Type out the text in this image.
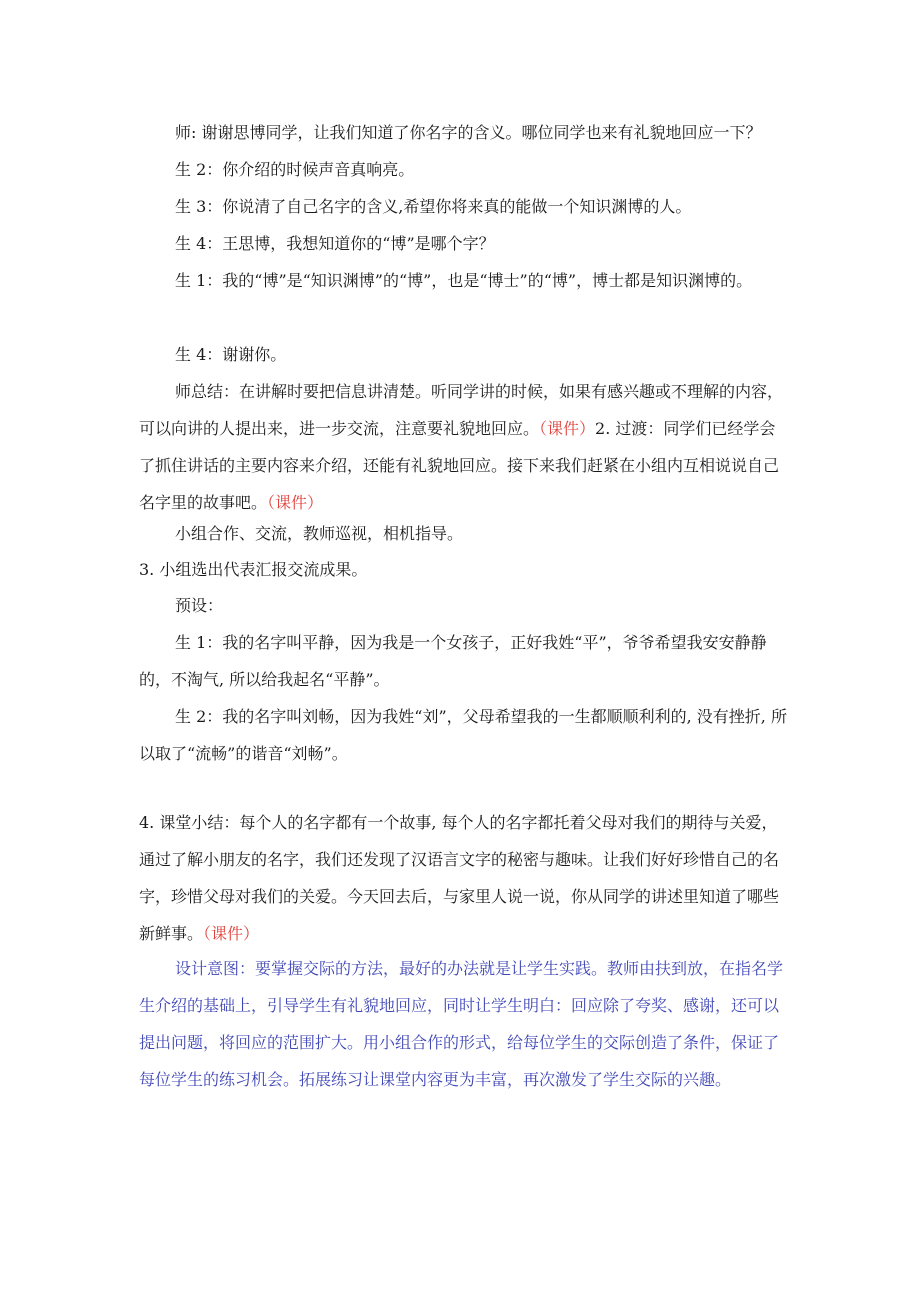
师: 谢谢思博同学，让我们知道了你名字的含义。哪位同学也来有礼貌地回应一下？

生 2：你介绍的时候声音真响亮。

生 3：你说清了自己名字的含义,希望你将来真的能做一个知识渊博的人。

生 4：王思博，我想知道你的“博”是哪个字？

生 1：我的“博”是“知识渊博”的“博”，也是“博士”的“博”，博士都是知识渊博的。

生 4：谢谢你。

师总结：在讲解时要把信息讲清楚。听同学讲的时候，如果有感兴趣或不理解的内容，可以向讲的人提出来，进一步交流，注意要礼貌地回应。（课件）2. 过渡：同学们已经学会了抓住讲话的主要内容来介绍，还能有礼貌地回应。接下来我们赶紧在小组内互相说说自己名字里的故事吧。（课件）

小组合作、交流，教师巡视，相机指导。

3. 小组选出代表汇报交流成果。

预设：

生 1：我的名字叫平静，因为我是一个女孩子，正好我姓“平”，爷爷希望我安安静静的，不淘气, 所以给我起名“平静”。

生 2：我的名字叫刘畅，因为我姓“刘”，父母希望我的一生都顺顺利利的, 没有挫折, 所以取了“流畅”的谐音“刘畅”。

4. 课堂小结：每个人的名字都有一个故事, 每个人的名字都托着父母对我们的期待与关爱，通过了解小朋友的名字，我们还发现了汉语言文字的秘密与趣味。让我们好好珍惜自己的名字，珍惜父母对我们的关爱。今天回去后，与家里人说一说，你从同学的讲述里知道了哪些新鲜事。（课件）

设计意图：要掌握交际的方法，最好的办法就是让学生实践。教师由扶到放，在指名学生介绍的基础上，引导学生有礼貌地回应，同时让学生明白：回应除了夸奖、感谢，还可以提出问题，将回应的范围扩大。用小组合作的形式，给每位学生的交际创造了条件，保证了每位学生的练习机会。拓展练习让课堂内容更为丰富，再次激发了学生交际的兴趣。
